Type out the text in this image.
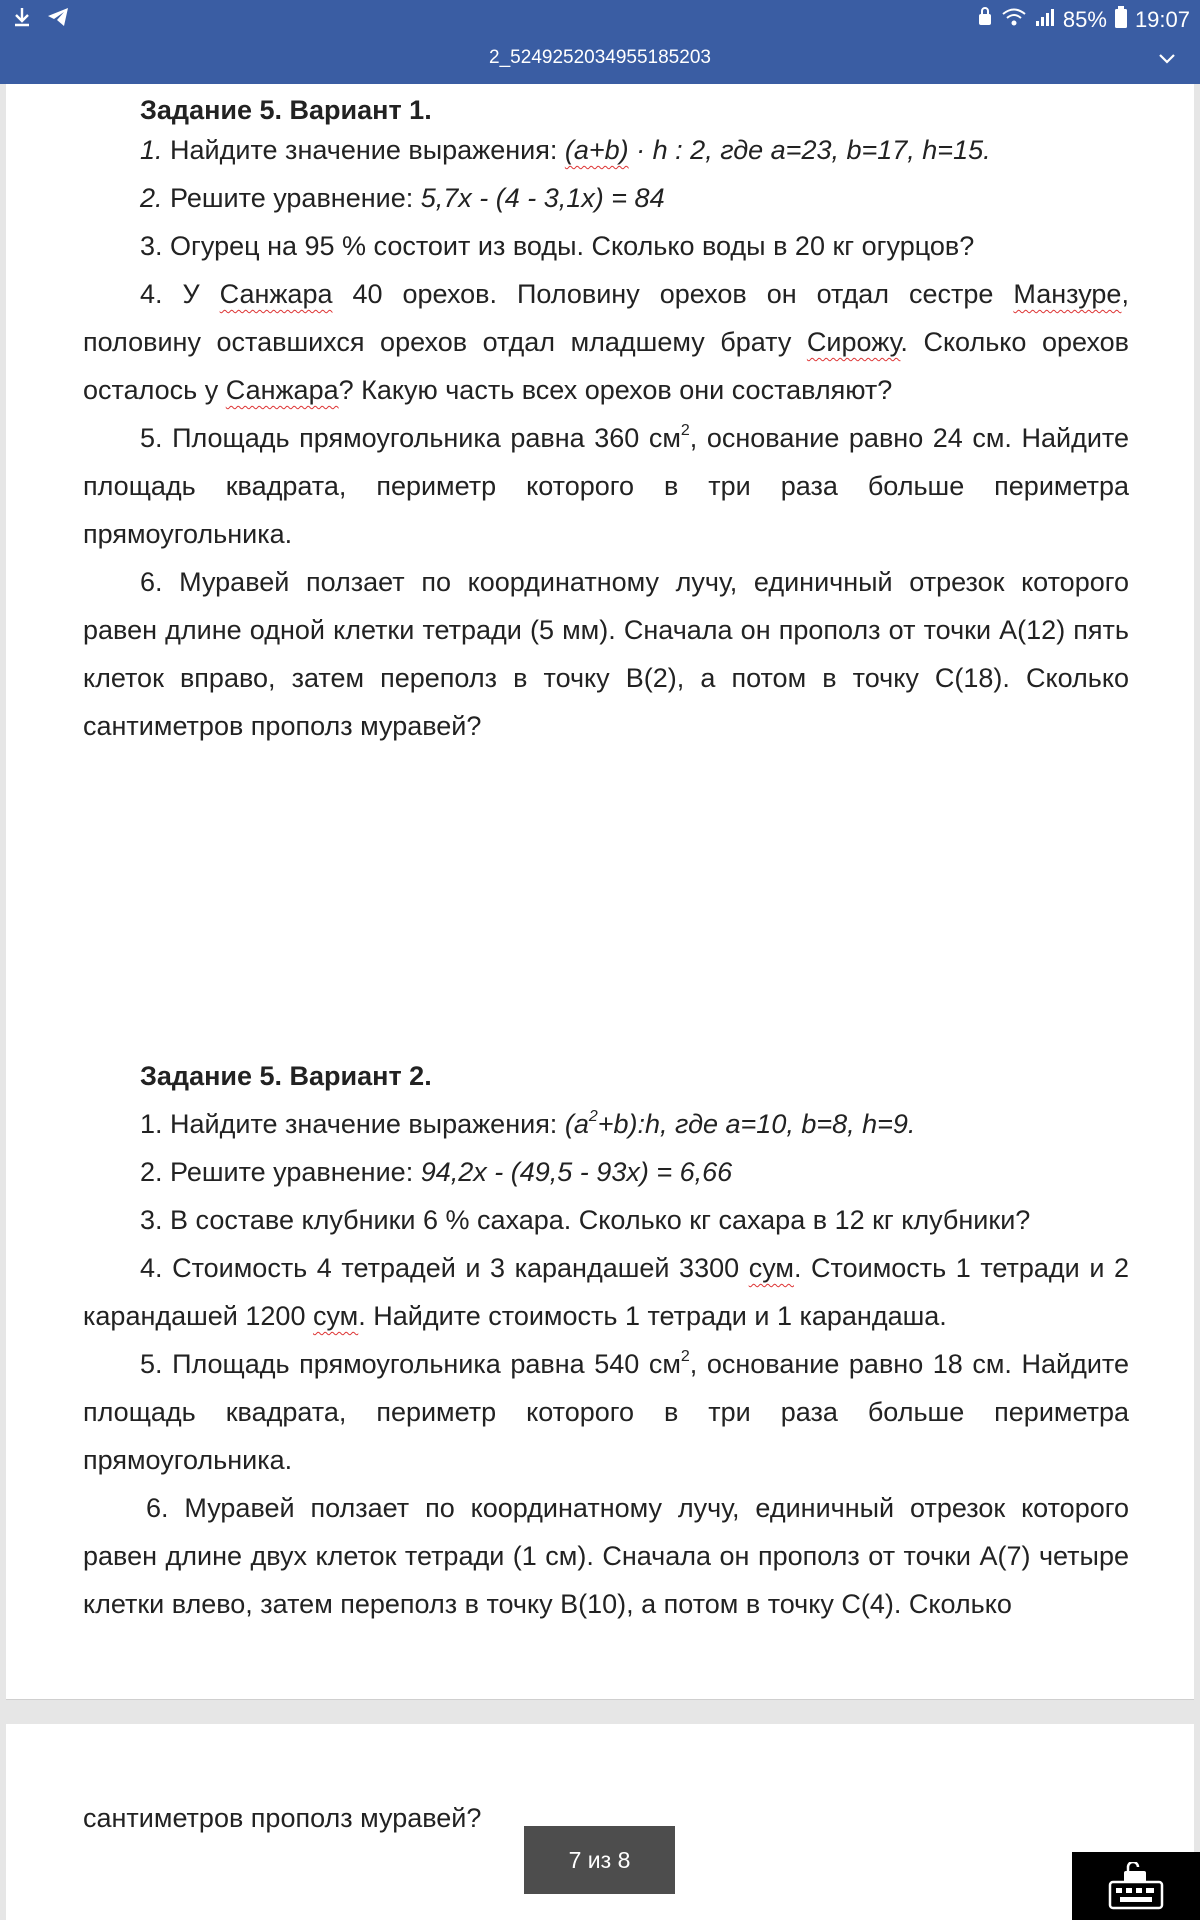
85% 19:07
2_5249252034955185203
Задание 5. Вариант 1.
1. Найдите значение выражения: (a+b) · h : 2, где a=23, b=17, h=15.
2. Решите уравнение: 5,7x - (4 - 3,1x) = 84
3. Огурец на 95 % состоит из воды. Сколько воды в 20 кг огурцов?
4. У Санжара 40 орехов. Половину орехов он отдал сестре Манзуре, половину оставшихся орехов отдал младшему брату Сирожу. Сколько орехов осталось у Санжара? Какую часть всех орехов они составляют?
5. Площадь прямоугольника равна 360 $см^2$, основание равно 24 см. Найдите площадь квадрата, периметр которого в три раза больше периметра прямоугольника.
6. Муравей ползает по координатному лучу, единичный отрезок которого равен длине одной клетки тетради (5 мм). Сначала он прополз от точки A(12) пять клеток вправо, затем переполз в точку B(2), а потом в точку C(18). Сколько сантиметров прополз муравей?
Задание 5. Вариант 2.
1. Найдите значение выражения: $(a^2+b):h$, где a=10, b=8, h=9.
2. Решите уравнение: 94,2x - (49,5 - 93x) = 6,66
3. В составе клубники 6 % сахара. Сколько кг сахара в 12 кг клубники?
4. Стоимость 4 тетрадей и 3 карандашей 3300 сум. Стоимость 1 тетради и 2 карандашей 1200 сум. Найдите стоимость 1 тетради и 1 карандаша.
5. Площадь прямоугольника равна 540 $см^2$, основание равно 18 см. Найдите площадь квадрата, периметр которого в три раза больше периметра прямоугольника.
6. Муравей ползает по координатному лучу, единичный отрезок которого равен длине двух клеток тетради (1 см). Сначала он прополз от точки A(7) четыре клетки влево, затем переполз в точку B(10), а потом в точку C(4). Сколько
сантиметров прополз муравей?
7 из 8
